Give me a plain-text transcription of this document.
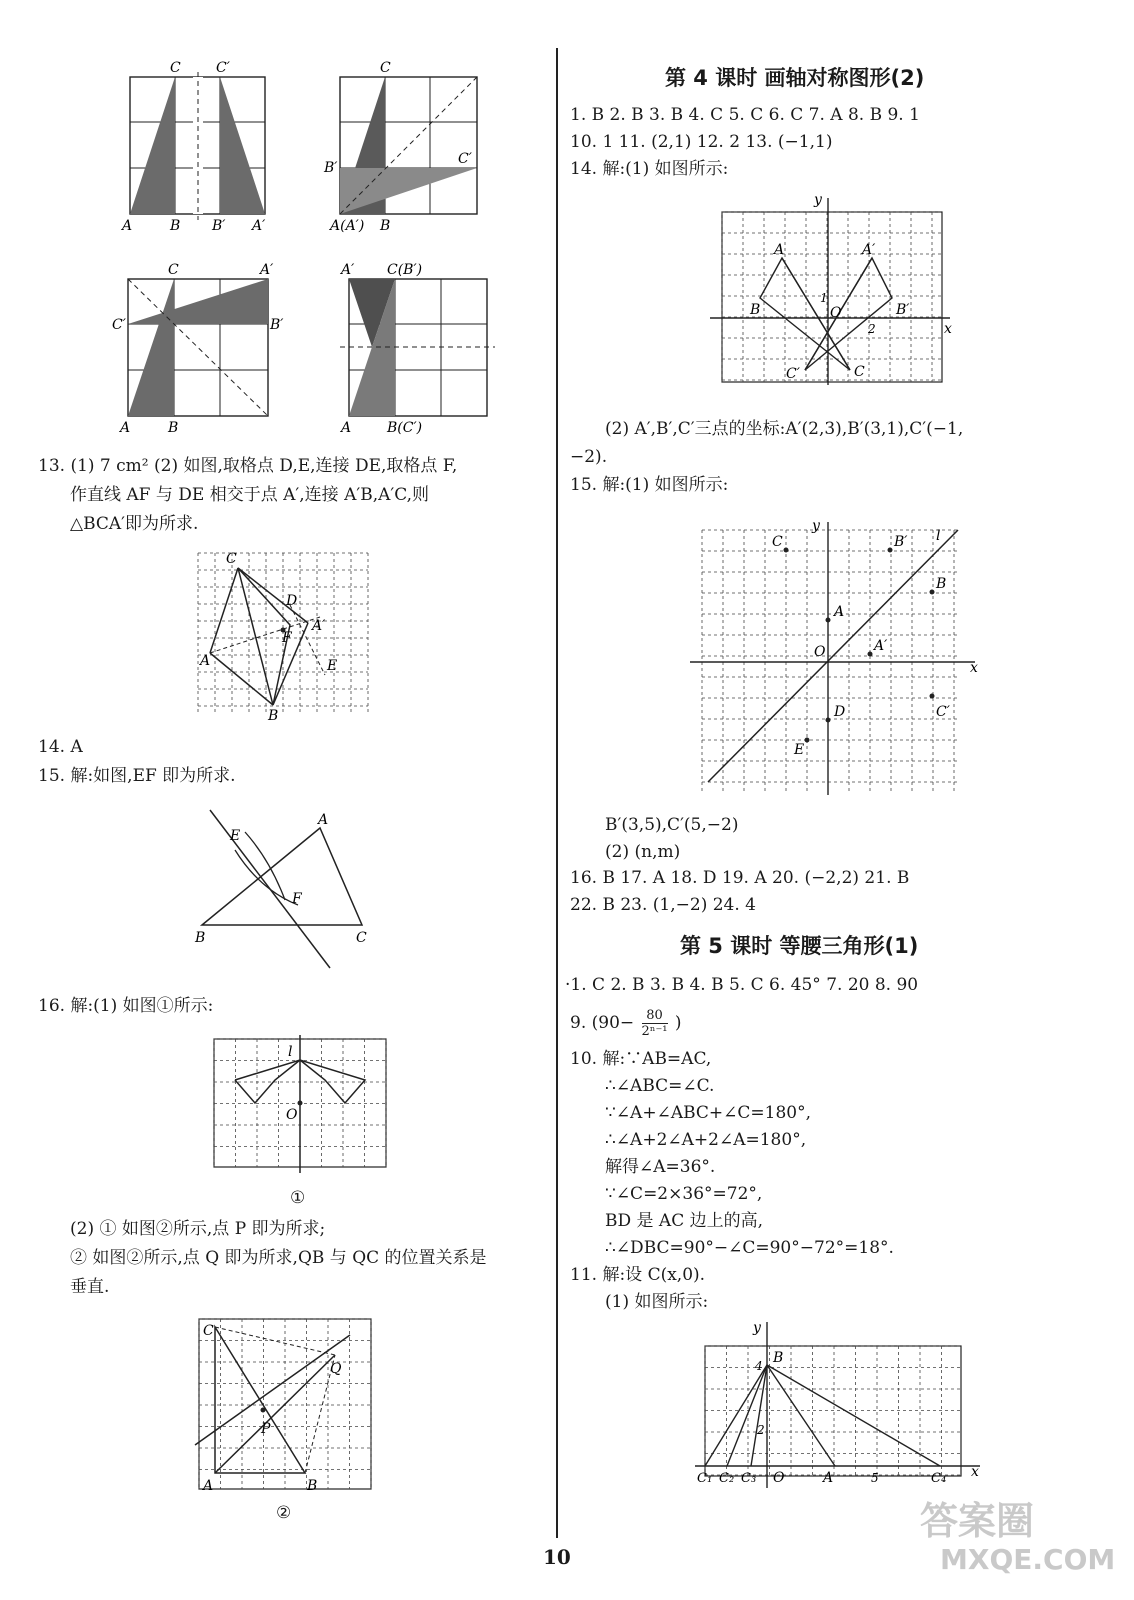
C	C′
A	B B′ A′
C
B′
C′
A(A′) B
C	A′
C′	B′
A	B
A′ C(B′)
A	B(C′)
13. (1) 7 cm² (2) 如图,取格点 D,E,连接 DE,取格点 F,
作直线 AF 与 DE 相交于点 A′,连接 A′B,A′C,则
△BCA′即为所求.
C
D
F
A′
A	E
B
14. A
15. 解:如图,EF 即为所求.
E
A
F
B	C
16. 解:(1) 如图①所示:
l
O
①
(2) ① 如图②所示,点 P 即为所求;
② 如图②所示,点 Q 即为所求,QB 与 QC 的位置关系是
垂直.
C
Q
P
A	B
②
第 4 课时 画轴对称图形(2)
1. B 2. B 3. B 4. C 5. C 6. C 7. A 8. B 9. 1
10. 1 11. (2,1) 12. 2 13. (−1,1)
14. 解:(1) 如图所示:
y
x
A	A′
B	B′
C
C′
O
1
2
(2) A′,B′,C′三点的坐标:A′(2,3),B′(3,1),C′(−1,
−2).
15. 解:(1) 如图所示:
C	B′
B
A
A′
D	C′
E
O
y
x
l
B′(3,5),C′(5,−2)
(2) (n,m)
16. B 17. A 18. D 19. A 20. (−2,2) 21. B
22. B 23. (1,−2) 24. 4
第 5 课时 等腰三角形(1)
·1. C 2. B 3. B 4. B 5. C 6. 45° 7. 20 8. 90
9. ($90- \frac{80}{\text{2ⁿ⁻¹}}$ )
10. 解:∵AB=AC,
∴∠ABC=∠C.
∵∠A+∠ABC+∠C=180°,
∴∠A+2∠A+2∠A=180°,
解得∠A=36°.
∵∠C=2×36°=72°,
BD 是 AC 边上的高,
∴∠DBC=90°−∠C=90°−72°=18°.
11. 解:设 C(x,0).
(1) 如图所示:
y
x
B
4
2
O	A	5
C₁ C₂ C₃	C₄
10
答案圈
MXQE.COM
